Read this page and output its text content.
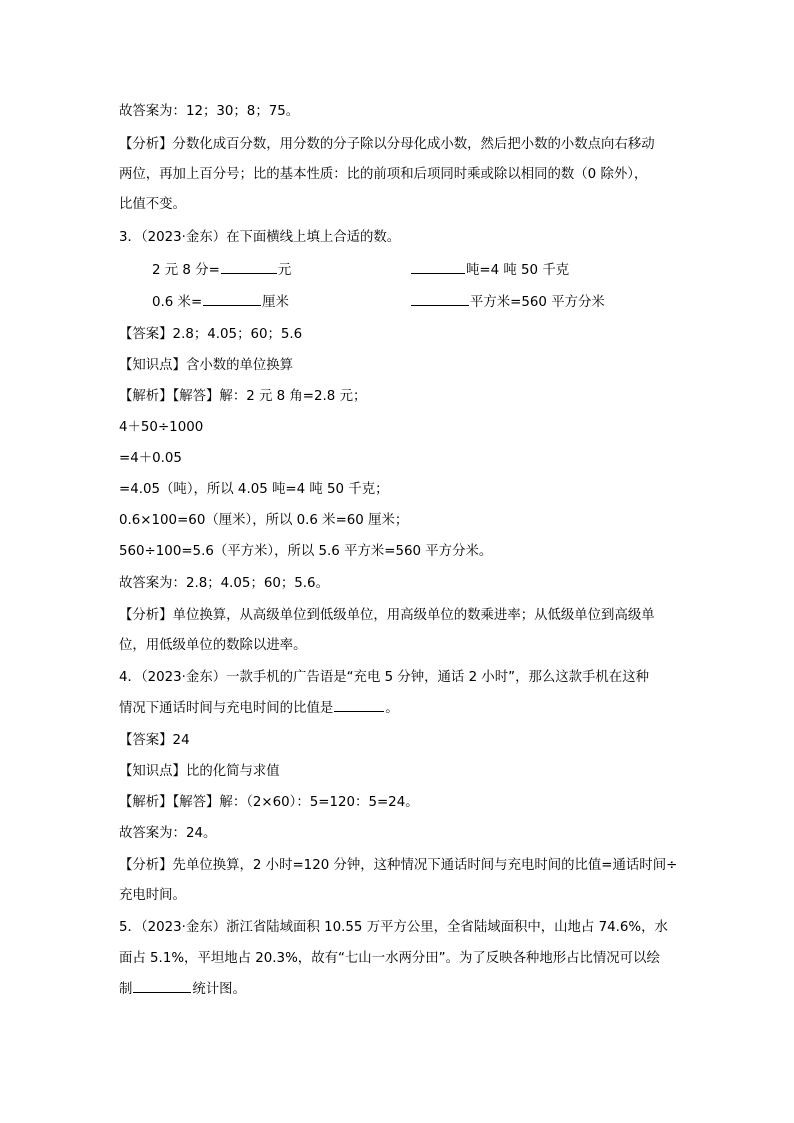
故答案为：12；30；8；75。
【分析】分数化成百分数，用分数的分子除以分母化成小数，然后把小数的小数点向右移动
两位，再加上百分号；比的基本性质：比的前项和后项同时乘或除以相同的数（0 除外），
比值不变。
3．（2023·金东）在下面横线上填上合适的数。
2 元 8 分=	元	吨=4 吨 50 千克
0.6 米=	厘米	平方米=560 平方分米
【答案】2.8；4.05；60；5.6
【知识点】含小数的单位换算
【解析】【解答】解：2 元 8 角=2.8 元；
4＋50÷1000
=4＋0.05
=4.05（吨），所以 4.05 吨=4 吨 50 千克；
0.6×100=60（厘米），所以 0.6 米=60 厘米；
560÷100=5.6（平方米），所以 5.6 平方米=560 平方分米。
故答案为：2.8；4.05；60；5.6。
【分析】单位换算，从高级单位到低级单位，用高级单位的数乘进率；从低级单位到高级单
位，用低级单位的数除以进率。
4．（2023·金东）一款手机的广告语是“充电 5 分钟，通话 2 小时”，那么这款手机在这种
情况下通话时间与充电时间的比值是	。
【答案】24
【知识点】比的化简与求值
【解析】【解答】解：（2×60）：5=120：5=24。
故答案为：24。
【分析】先单位换算，2 小时=120 分钟，这种情况下通话时间与充电时间的比值=通话时间÷
充电时间。
5．（2023·金东）浙江省陆域面积 10.55 万平方公里，全省陆域面积中，山地占 74.6%，水
面占 5.1%，平坦地占 20.3%，故有“七山一水两分田”。为了反映各种地形占比情况可以绘
制	统计图。
